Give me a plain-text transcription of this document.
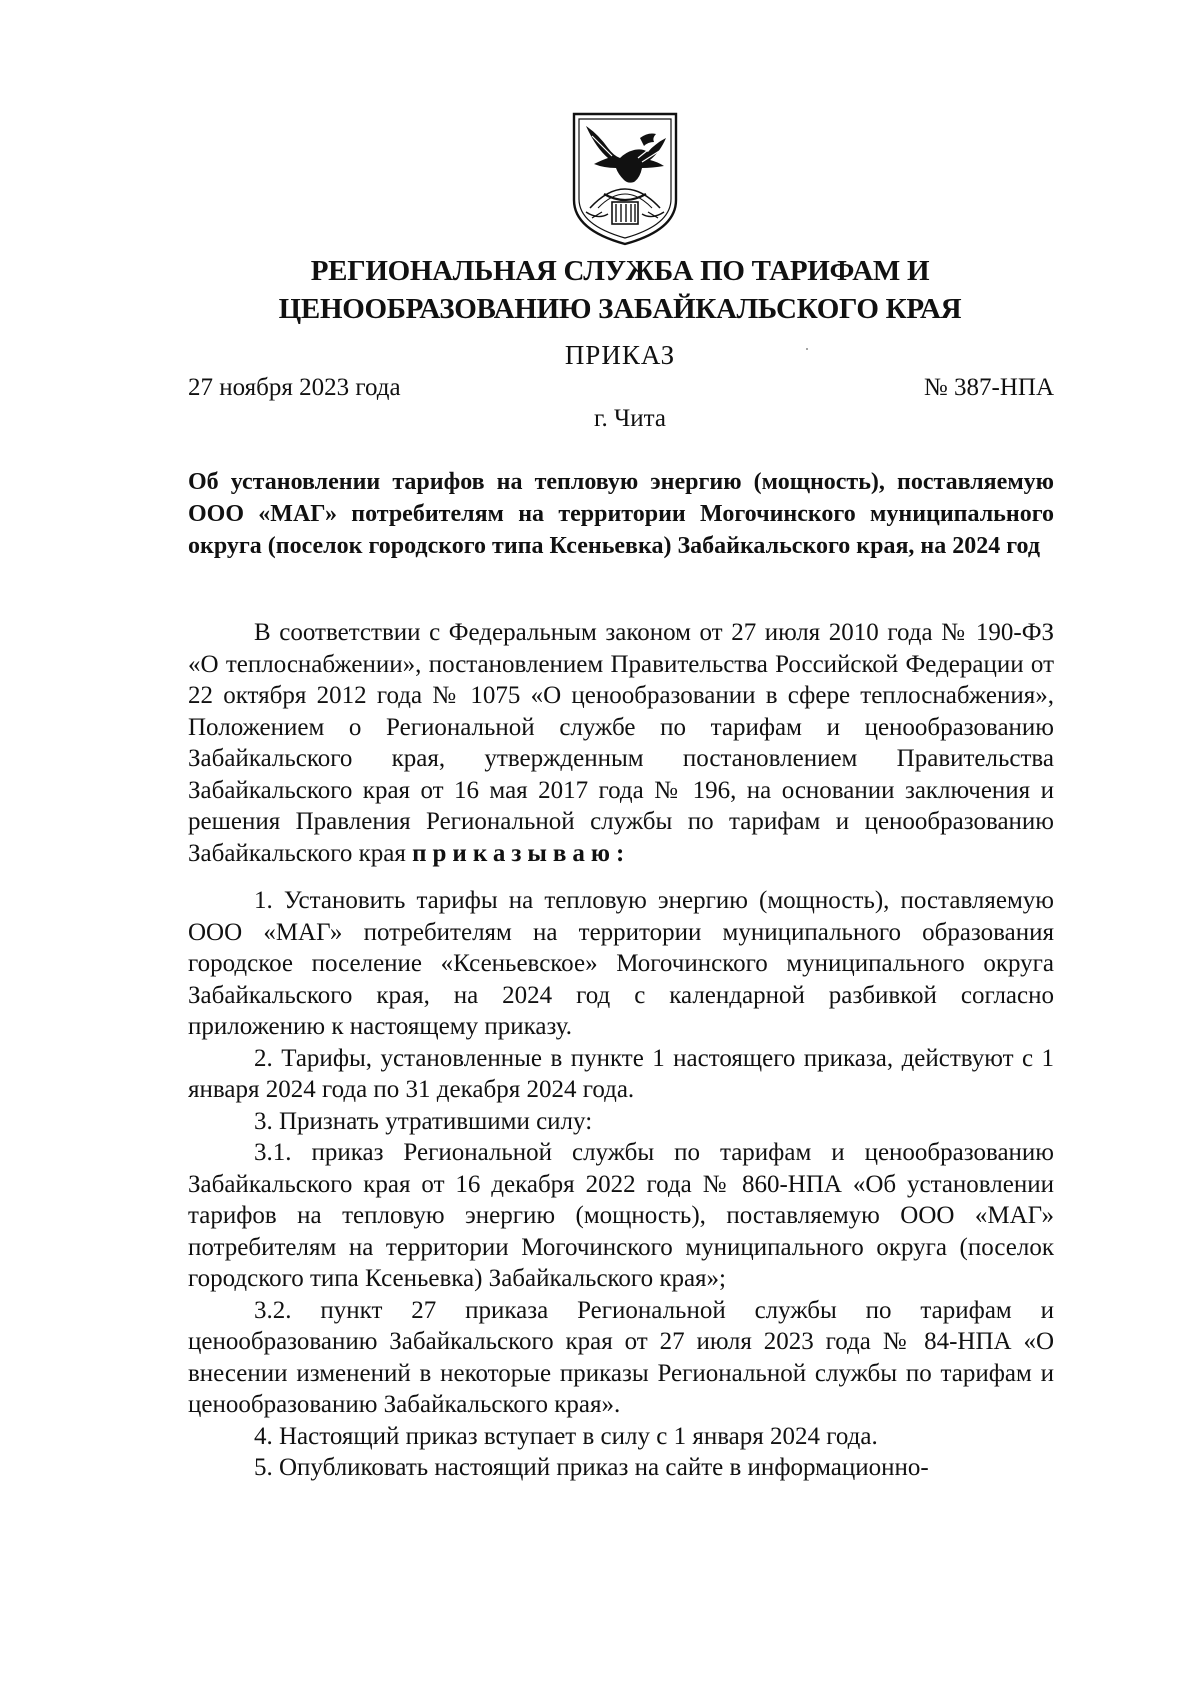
РЕГИОНАЛЬНАЯ СЛУЖБА ПО ТАРИФАМ И
ЦЕНООБРАЗОВАНИЮ ЗАБАЙКАЛЬСКОГО КРАЯ
ПРИКАЗ
27 ноября 2023 года	№ 387-НПА
г. Чита
Об установлении тарифов на тепловую энергию (мощность), поставляемую ООО «МАГ» потребителям на территории Могочинского муниципального округа (поселок городского типа Ксеньевка) Забайкальского края, на 2024 год

В соответствии с Федеральным законом от 27 июля 2010 года № 190-ФЗ «О теплоснабжении», постановлением Правительства Российской Федерации от 22 октября 2012 года № 1075 «О ценообразовании в сфере теплоснабжения», Положением о Региональной службе по тарифам и ценообразованию Забайкальского края, утвержденным постановлением Правительства Забайкальского края от 16 мая 2017 года № 196, на основании заключения и решения Правления Региональной службы по тарифам и ценообразованию Забайкальского края приказываю:

1. Установить тарифы на тепловую энергию (мощность), поставляемую ООО «МАГ» потребителям на территории муниципального образования городское поселение «Ксеньевское» Могочинского муниципального округа Забайкальского края, на 2024 год с календарной разбивкой согласно приложению к настоящему приказу.

2. Тарифы, установленные в пункте 1 настоящего приказа, действуют с 1 января 2024 года по 31 декабря 2024 года.

3. Признать утратившими силу:

3.1. приказ Региональной службы по тарифам и ценообразованию Забайкальского края от 16 декабря 2022 года № 860-НПА «Об установлении тарифов на тепловую энергию (мощность), поставляемую ООО «МАГ» потребителям на территории Могочинского муниципального округа (поселок городского типа Ксеньевка) Забайкальского края»;

3.2. пункт 27 приказа Региональной службы по тарифам и ценообразованию Забайкальского края от 27 июля 2023 года № 84-НПА «О внесении изменений в некоторые приказы Региональной службы по тарифам и ценообразованию Забайкальского края».

4. Настоящий приказ вступает в силу с 1 января 2024 года.

5. Опубликовать настоящий приказ на сайте в информационно-
